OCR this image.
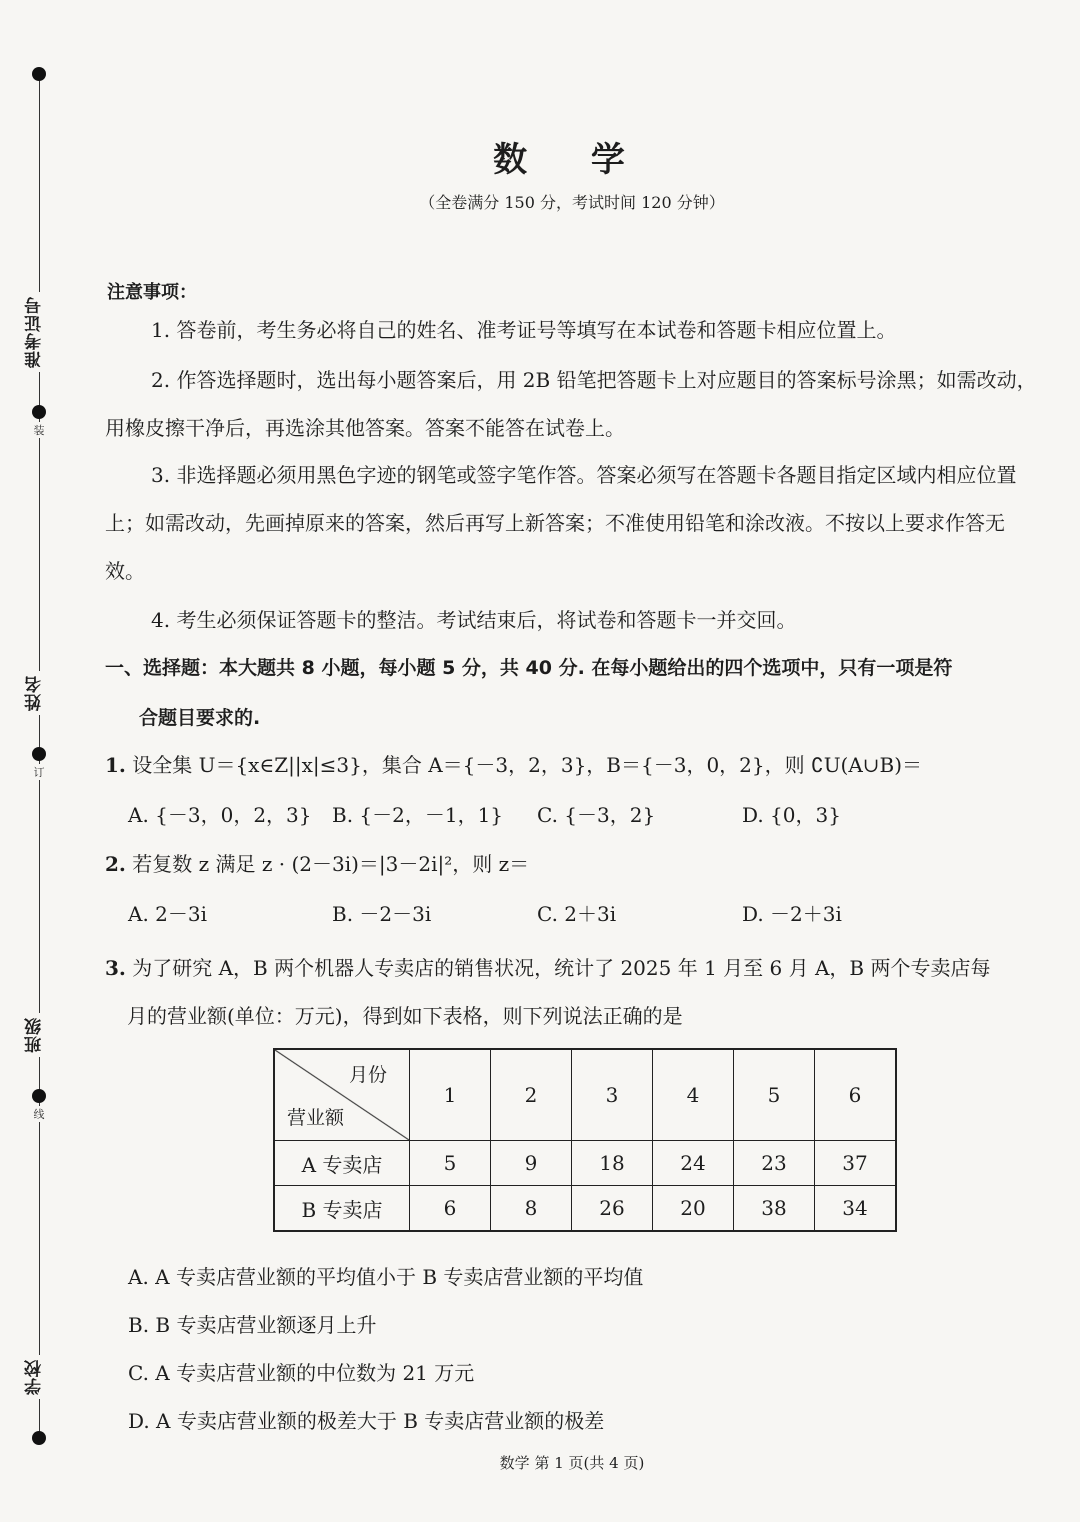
准考证号
姓名
班级
学校
装
订
线
数 学
（全卷满分 150 分，考试时间 120 分钟）
注意事项：

1. 答卷前，考生务必将自己的姓名、准考证号等填写在本试卷和答题卡相应位置上。

2. 作答选择题时，选出每小题答案后，用 2B 铅笔把答题卡上对应题目的答案标号涂黑；如需改动，用橡皮擦干净后，再选涂其他答案。答案不能答在试卷上。

3. 非选择题必须用黑色字迹的钢笔或签字笔作答。答案必须写在答题卡各题目指定区域内相应位置上；如需改动，先画掉原来的答案，然后再写上新答案；不准使用铅笔和涂改液。不按以上要求作答无效。

4. 考生必须保证答题卡的整洁。考试结束后，将试卷和答题卡一并交回。

一、选择题：本大题共 8 小题，每小题 5 分，共 40 分. 在每小题给出的四个选项中，只有一项是符
合题目要求的.
1. 设全集 U＝{x∈Z||x|≤3}，集合 A＝{－3，2，3}，B＝{－3，0，2}，则 ∁U(A∪B)＝
A. {－3，0，2，3} B. {－2，－1，1} C. {－3，2}	D. {0，3}
2. 若复数 z 满足 z · (2－3i)＝|3－2i|²，则 z＝
A. 2－3i	B. －2－3i	C. 2＋3i	D. －2＋3i
3. 为了研究 A，B 两个机器人专卖店的销售状况，统计了 2025 年 1 月至 6 月 A，B 两个专卖店每
月的营业额(单位：万元)，得到如下表格，则下列说法正确的是
月份
营业额	1	2	3	4	5	6
A 专卖店	5	9	18	24	23	37
B 专卖店	6	8	26	20	38	34
A. A 专卖店营业额的平均值小于 B 专卖店营业额的平均值
B. B 专卖店营业额逐月上升
C. A 专卖店营业额的中位数为 21 万元
D. A 专卖店营业额的极差大于 B 专卖店营业额的极差
数学 第 1 页(共 4 页)
